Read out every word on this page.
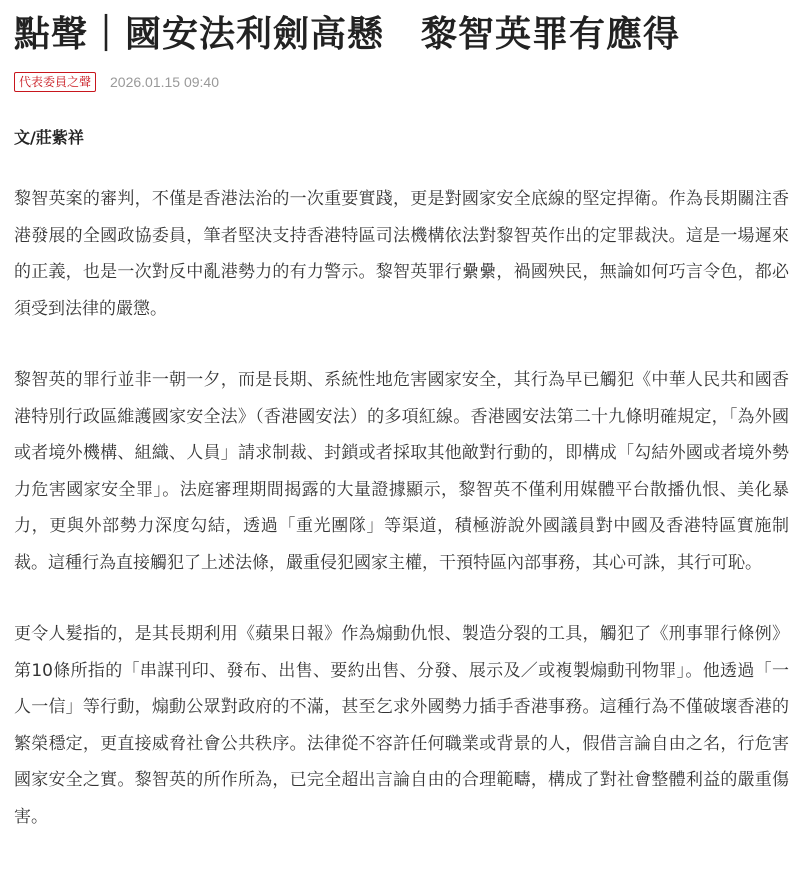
點聲｜國安法利劍高懸　黎智英罪有應得
代表委員之聲	2026.01.15 09:40

文/莊紫祥

黎智英案的審判，不僅是香港法治的一次重要實踐，更是對國家安全底線的堅定捍衛。作為長期關注香港發展的全國政協委員，筆者堅決支持香港特區司法機構依法對黎智英作出的定罪裁決。這是一場遲來的正義，也是一次對反中亂港勢力的有力警示。黎智英罪行纍纍，禍國殃民，無論如何巧言令色，都必須受到法律的嚴懲。

黎智英的罪行並非一朝一夕，而是長期、系統性地危害國家安全，其行為早已觸犯《中華人民共和國香港特別行政區維護國家安全法》（香港國安法）的多項紅線。香港國安法第二十九條明確規定，「為外國或者境外機構、組織、人員」請求制裁、封鎖或者採取其他敵對行動的，即構成「勾結外國或者境外勢力危害國家安全罪」。法庭審理期間揭露的大量證據顯示，黎智英不僅利用媒體平台散播仇恨、美化暴力，更與外部勢力深度勾結，透過「重光團隊」等渠道，積極游說外國議員對中國及香港特區實施制裁。這種行為直接觸犯了上述法條，嚴重侵犯國家主權，干預特區內部事務，其心可誅，其行可恥。

更令人髮指的，是其長期利用《蘋果日報》作為煽動仇恨、製造分裂的工具，觸犯了《刑事罪行條例》第10條所指的「串謀刊印、發布、出售、要約出售、分發、展示及／或複製煽動刊物罪」。他透過「一人一信」等行動，煽動公眾對政府的不滿，甚至乞求外國勢力插手香港事務。這種行為不僅破壞香港的繁榮穩定，更直接威脅社會公共秩序。法律從不容許任何職業或背景的人，假借言論自由之名，行危害國家安全之實。黎智英的所作所為，已完全超出言論自由的合理範疇，構成了對社會整體利益的嚴重傷害。
